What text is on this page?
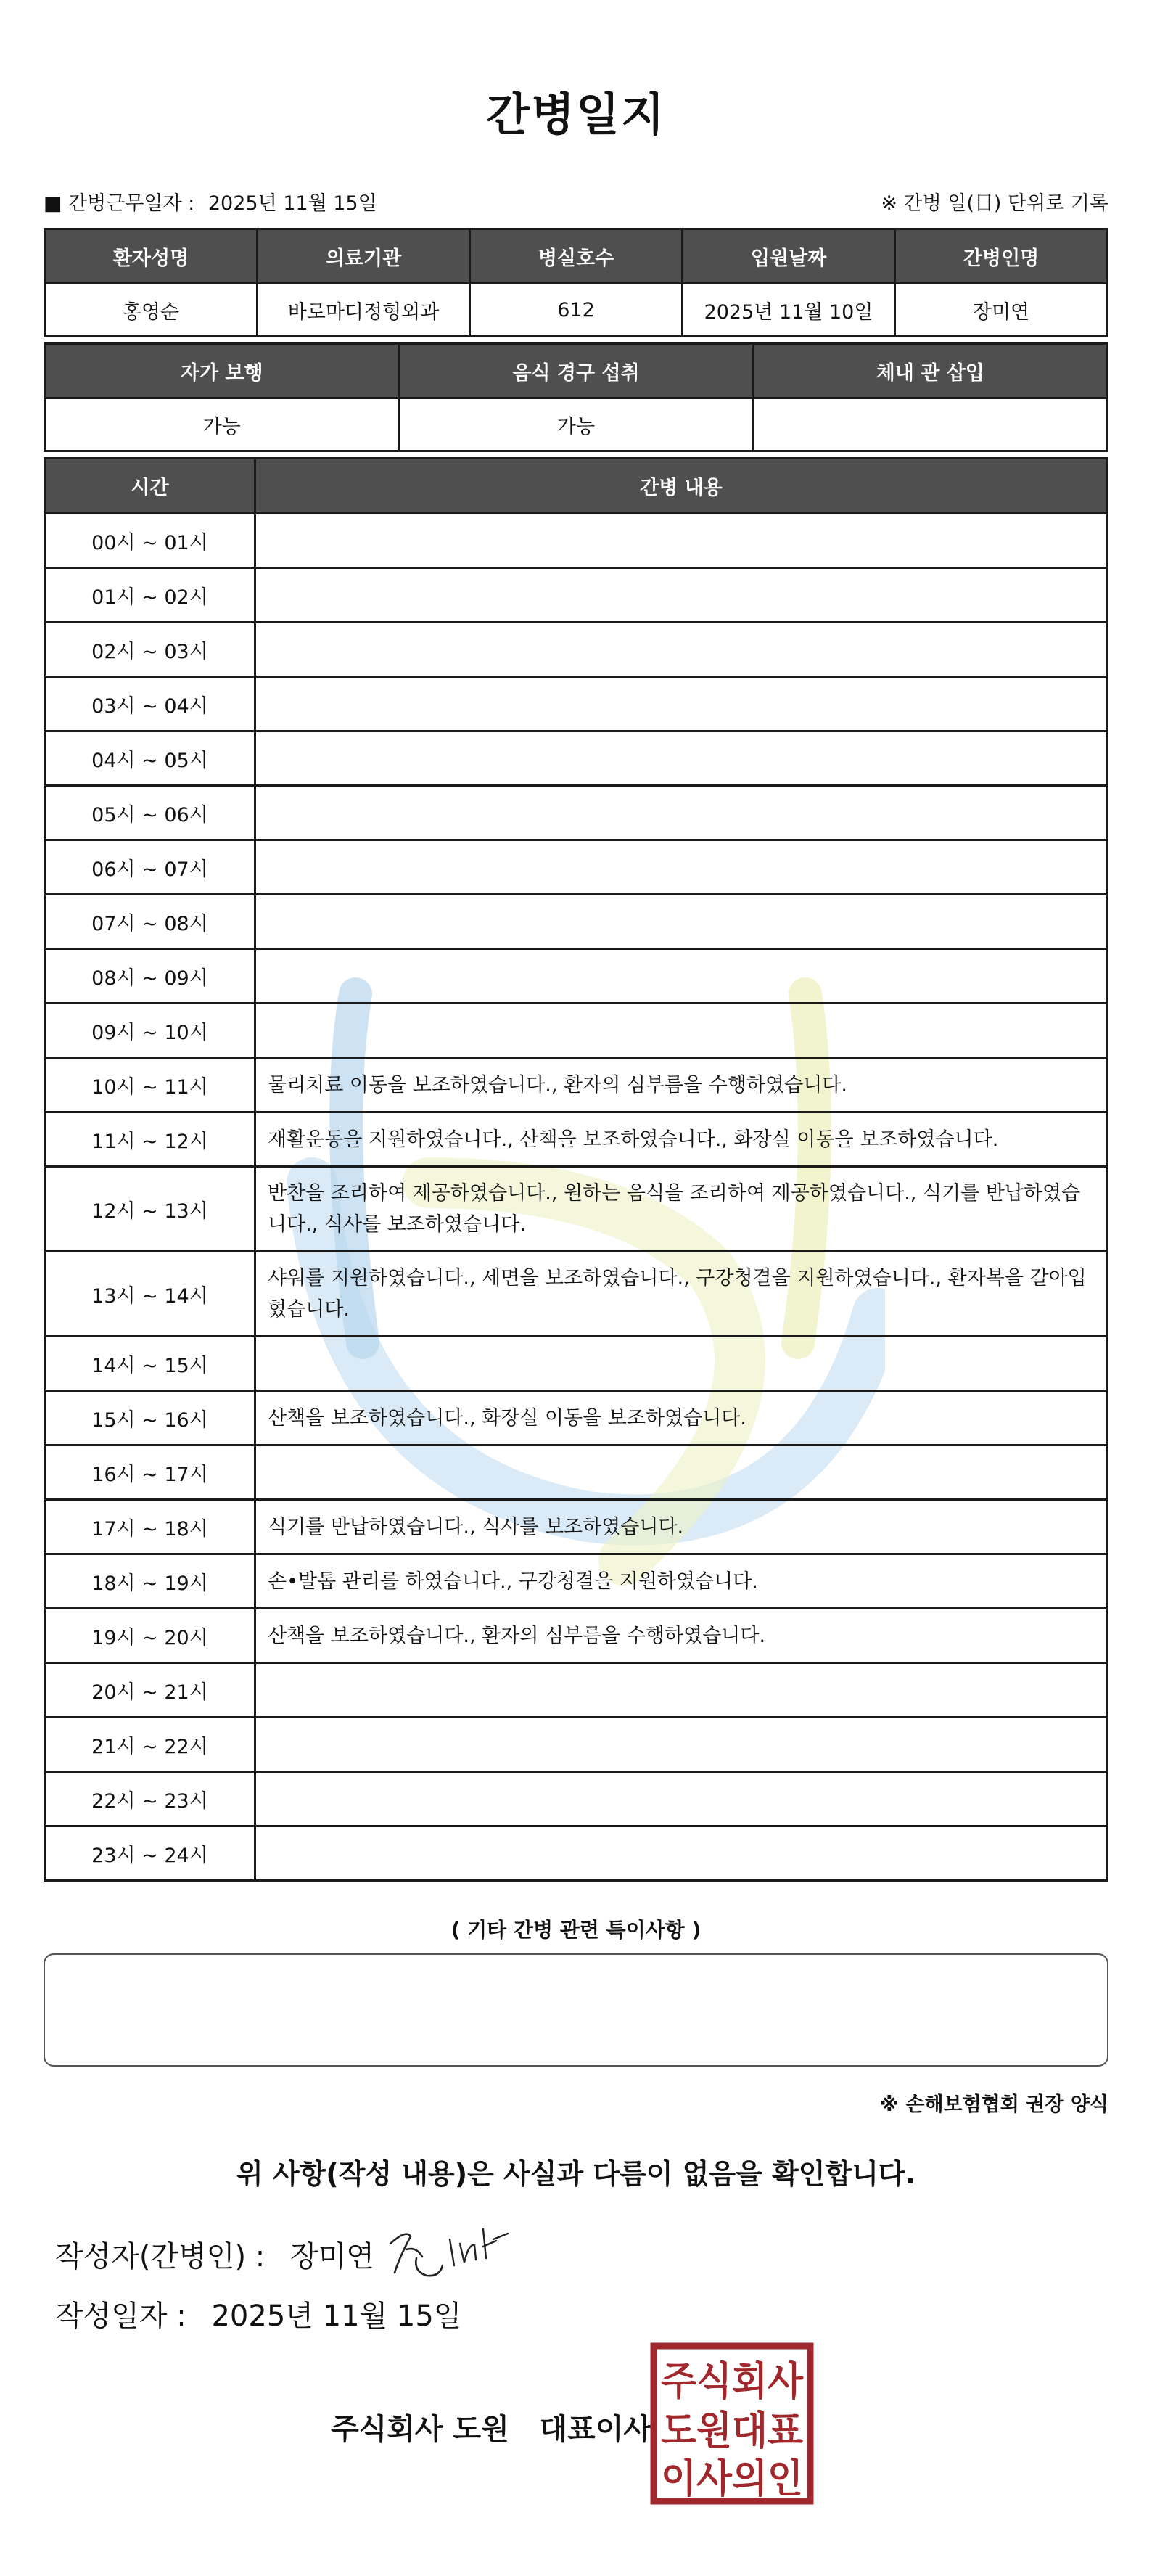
간병일지
■ 간병근무일자 : 2025년 11월 15일	※ 간병 일(日) 단위로 기록
환자성명	의료기관	병실호수	입원날짜	간병인명
홍영순	바로마디정형외과	612	2025년 11월 10일	장미연
자가 보행	음식 경구 섭취	체내 관 삽입
가능	가능	
시간	간병 내용
00시 ~ 01시	
01시 ~ 02시	
02시 ~ 03시	
03시 ~ 04시	
04시 ~ 05시	
05시 ~ 06시	
06시 ~ 07시	
07시 ~ 08시	
08시 ~ 09시	
09시 ~ 10시	
10시 ~ 11시	물리치료 이동을 보조하였습니다., 환자의 심부름을 수행하였습니다.
11시 ~ 12시	재활운동을 지원하였습니다., 산책을 보조하였습니다., 화장실 이동을 보조하였습니다.
12시 ~ 13시	반찬을 조리하여 제공하였습니다., 원하는 음식을 조리하여 제공하였습니다., 식기를 반납하였습니다., 식사를 보조하였습니다.
13시 ~ 14시	샤워를 지원하였습니다., 세면을 보조하였습니다., 구강청결을 지원하였습니다., 환자복을 갈아입혔습니다.
14시 ~ 15시	
15시 ~ 16시	산책을 보조하였습니다., 화장실 이동을 보조하였습니다.
16시 ~ 17시	
17시 ~ 18시	식기를 반납하였습니다., 식사를 보조하였습니다.
18시 ~ 19시	손•발톱 관리를 하였습니다., 구강청결을 지원하였습니다.
19시 ~ 20시	산책을 보조하였습니다., 환자의 심부름을 수행하였습니다.
20시 ~ 21시	
21시 ~ 22시	
22시 ~ 23시	
23시 ~ 24시	
( 기타 간병 관련 특이사항 )
※ 손해보험협회 권장 양식
위 사항(작성 내용)은 사실과 다름이 없음을 확인합니다.
작성자(간병인) : 장미연
작성일자 : 2025년 11월 15일
주식회사 도원   대표이사
주식회사
도원대표
이사의인
